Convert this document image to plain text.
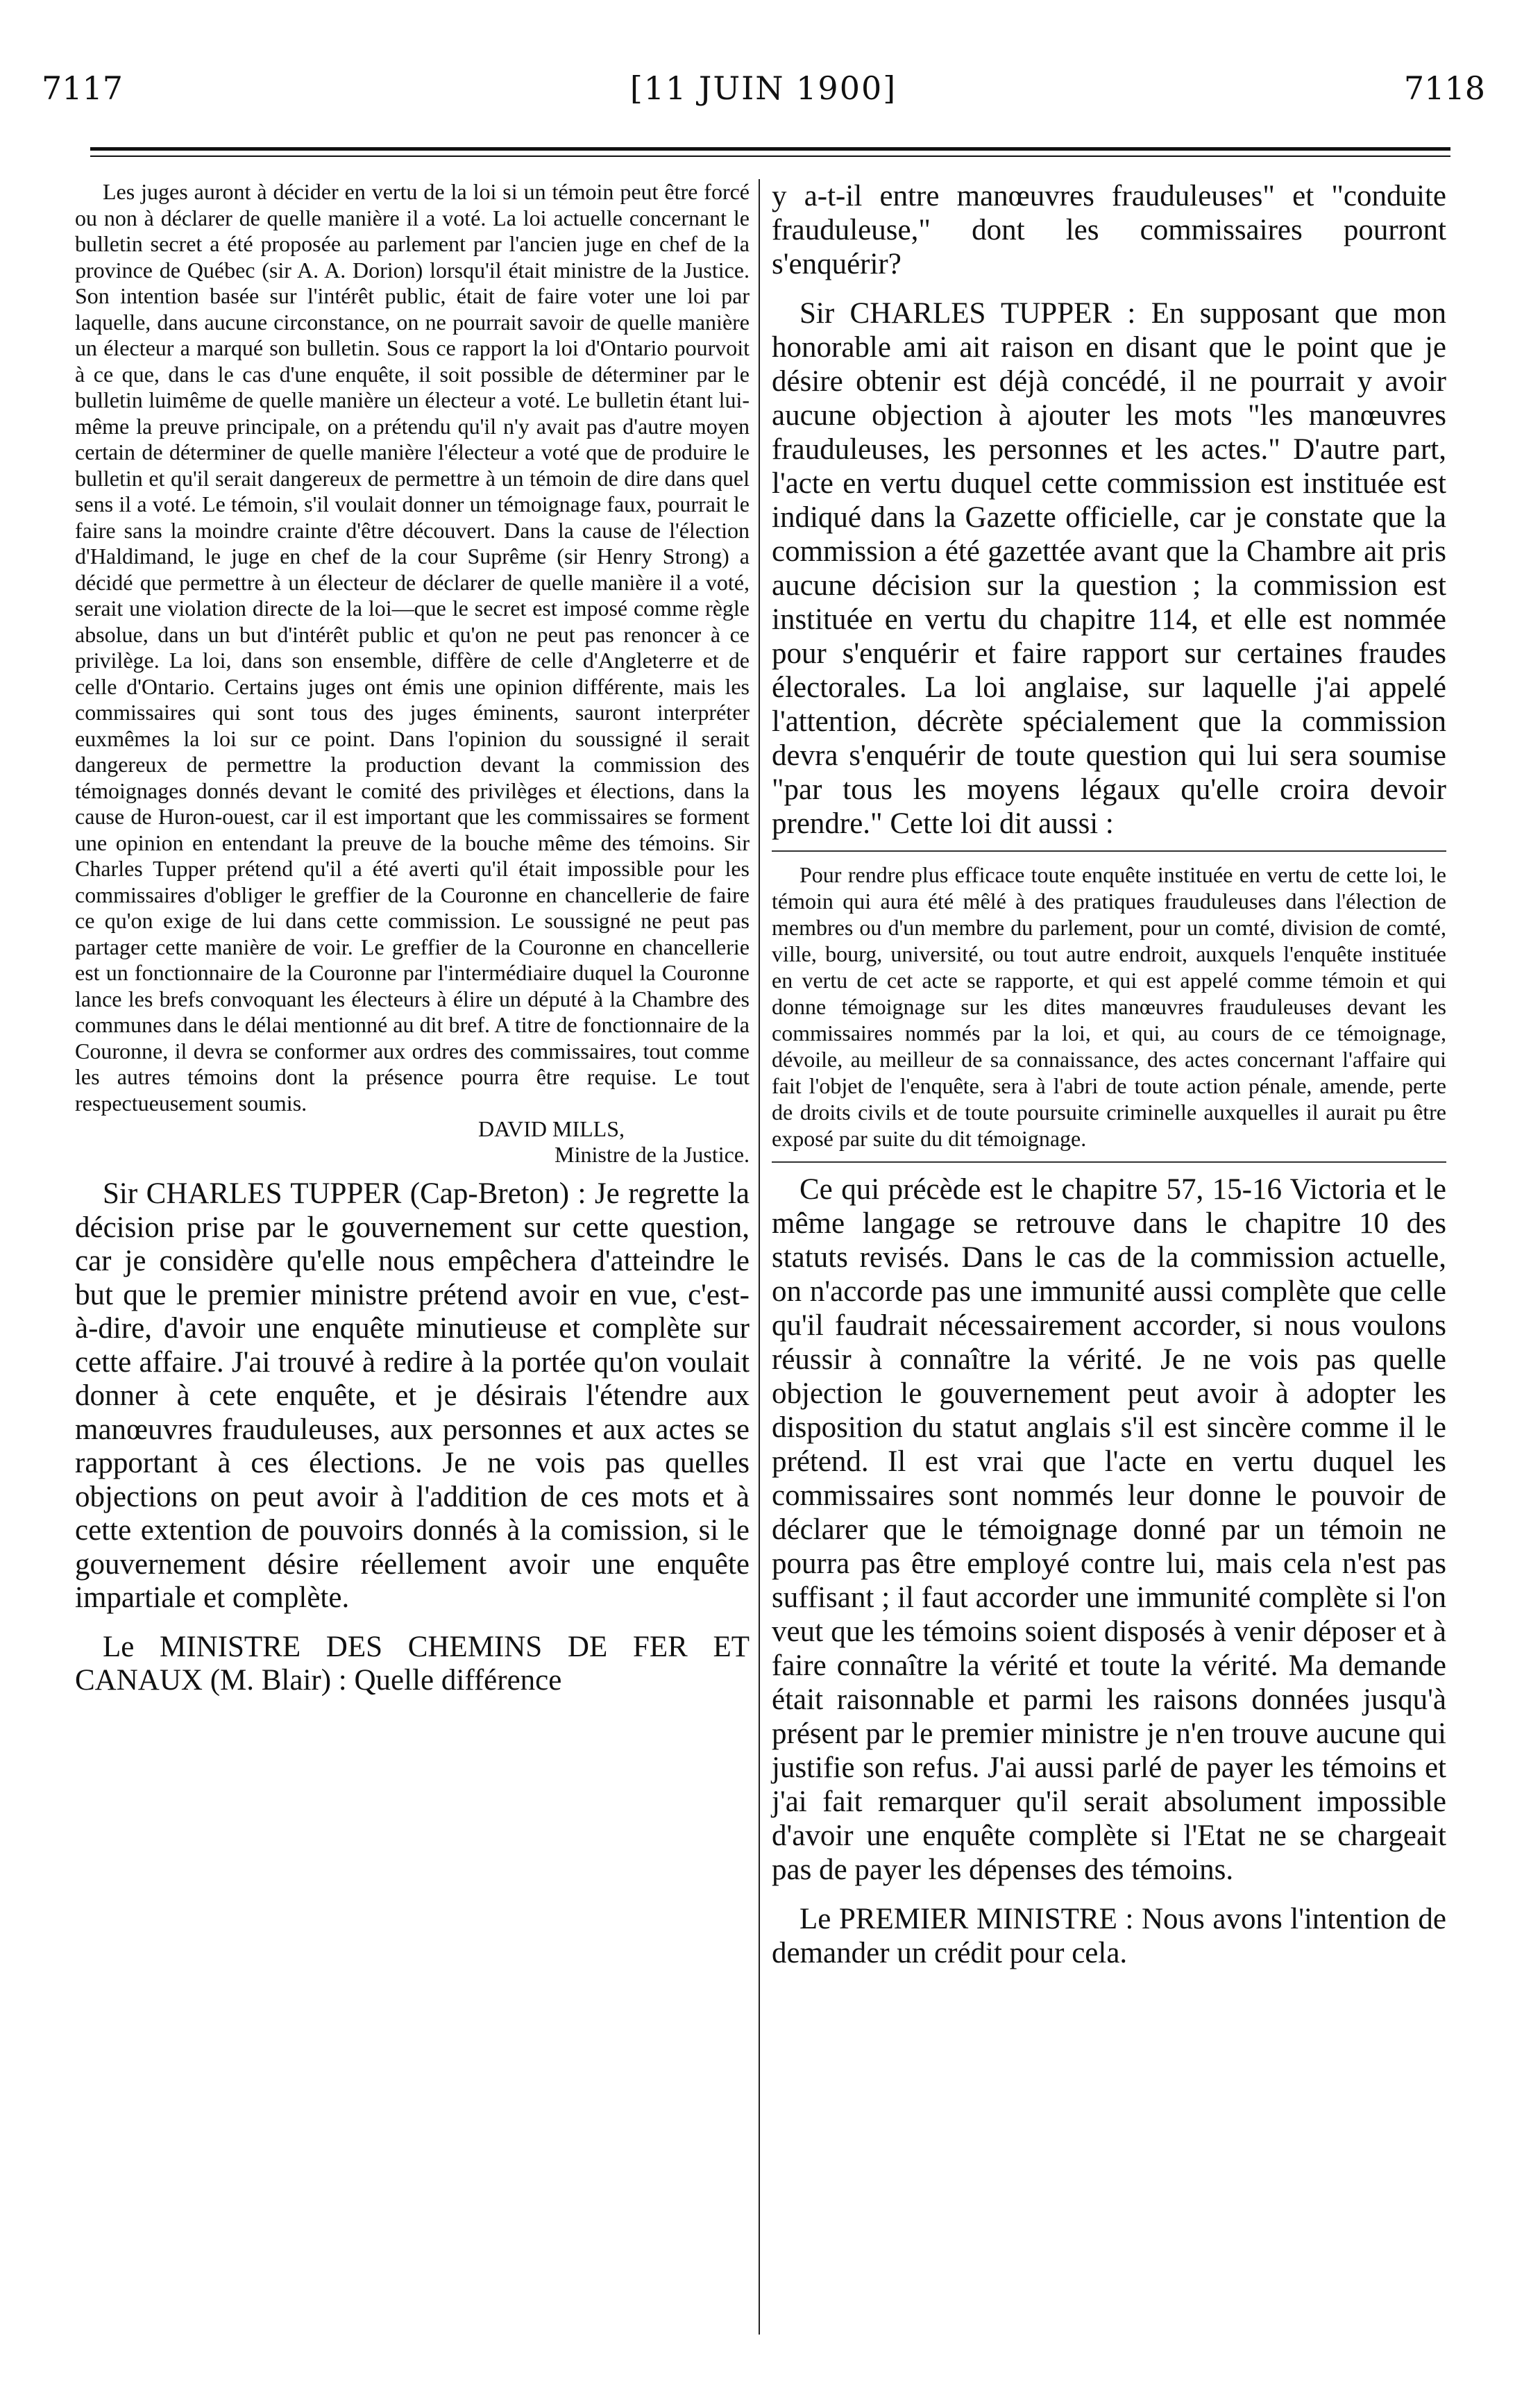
7117	[11 JUIN 1900]	7118

Les juges auront à décider en vertu de la loi si un témoin peut être forcé ou non à déclarer de quelle manière il a voté. La loi actuelle concernant le bulletin secret a été proposée au parlement par l'ancien juge en chef de la province de Québec (sir A. A. Dorion) lorsqu'il était ministre de la Justice. Son intention basée sur l'intérêt public, était de faire voter une loi par laquelle, dans aucune circonstance, on ne pourrait savoir de quelle manière un électeur a marqué son bulletin. Sous ce rapport la loi d'Ontario pourvoit à ce que, dans le cas d'une enquête, il soit possible de déterminer par le bulletin luimême de quelle manière un électeur a voté. Le bulletin étant lui-même la preuve principale, on a prétendu qu'il n'y avait pas d'autre moyen certain de déterminer de quelle manière l'électeur a voté que de produire le bulletin et qu'il serait dangereux de permettre à un témoin de dire dans quel sens il a voté. Le témoin, s'il voulait donner un témoignage faux, pourrait le faire sans la moindre crainte d'être découvert. Dans la cause de l'élection d'Haldimand, le juge en chef de la cour Suprême (sir Henry Strong) a décidé que permettre à un électeur de déclarer de quelle manière il a voté, serait une violation directe de la loi—que le secret est imposé comme règle absolue, dans un but d'intérêt public et qu'on ne peut pas renoncer à ce privilège. La loi, dans son ensemble, diffère de celle d'Angleterre et de celle d'Ontario. Certains juges ont émis une opinion différente, mais les commissaires qui sont tous des juges éminents, sauront interpréter euxmêmes la loi sur ce point. Dans l'opinion du soussigné il serait dangereux de permettre la production devant la commission des témoignages donnés devant le comité des privilèges et élections, dans la cause de Huron-ouest, car il est important que les commissaires se forment une opinion en entendant la preuve de la bouche même des témoins. Sir Charles Tupper prétend qu'il a été averti qu'il était impossible pour les commissaires d'obliger le greffier de la Couronne en chancellerie de faire ce qu'on exige de lui dans cette commission. Le soussigné ne peut pas partager cette manière de voir. Le greffier de la Couronne en chancellerie est un fonctionnaire de la Couronne par l'intermédiaire duquel la Couronne lance les brefs convoquant les électeurs à élire un député à la Chambre des communes dans le délai mentionné au dit bref. A titre de fonctionnaire de la Couronne, il devra se conformer aux ordres des commissaires, tout comme les autres témoins dont la présence pourra être requise. Le tout respectueusement soumis.

DAVID MILLS,

Ministre de la Justice.

Sir CHARLES TUPPER (Cap-Breton) : Je regrette la décision prise par le gouvernement sur cette question, car je considère qu'elle nous empêchera d'atteindre le but que le premier ministre prétend avoir en vue, c'est-à-dire, d'avoir une enquête minutieuse et complète sur cette affaire. J'ai trouvé à redire à la portée qu'on voulait donner à cete enquête, et je désirais l'étendre aux manœuvres frauduleuses, aux personnes et aux actes se rapportant à ces élections. Je ne vois pas quelles objections on peut avoir à l'addition de ces mots et à cette extention de pouvoirs donnés à la comission, si le gouvernement désire réellement avoir une enquête impartiale et complète.

Le MINISTRE DES CHEMINS DE FER ET CANAUX (M. Blair) : Quelle différence

y a-t-il entre manœuvres frauduleuses" et "conduite frauduleuse," dont les commissaires pourront s'enquérir?

Sir CHARLES TUPPER : En supposant que mon honorable ami ait raison en disant que le point que je désire obtenir est déjà concédé, il ne pourrait y avoir aucune objection à ajouter les mots "les manœuvres frauduleuses, les personnes et les actes." D'autre part, l'acte en vertu duquel cette commission est instituée est indiqué dans la Gazette officielle, car je constate que la commission a été gazettée avant que la Chambre ait pris aucune décision sur la question ; la commission est instituée en vertu du chapitre 114, et elle est nommée pour s'enquérir et faire rapport sur certaines fraudes électorales. La loi anglaise, sur laquelle j'ai appelé l'attention, décrète spécialement que la commission devra s'enquérir de toute question qui lui sera soumise "par tous les moyens légaux qu'elle croira devoir prendre." Cette loi dit aussi :

Pour rendre plus efficace toute enquête instituée en vertu de cette loi, le témoin qui aura été mêlé à des pratiques frauduleuses dans l'élection de membres ou d'un membre du parlement, pour un comté, division de comté, ville, bourg, université, ou tout autre endroit, auxquels l'enquête instituée en vertu de cet acte se rapporte, et qui est appelé comme témoin et qui donne témoignage sur les dites manœuvres frauduleuses devant les commissaires nommés par la loi, et qui, au cours de ce témoignage, dévoile, au meilleur de sa connaissance, des actes concernant l'affaire qui fait l'objet de l'enquête, sera à l'abri de toute action pénale, amende, perte de droits civils et de toute poursuite criminelle auxquelles il aurait pu être exposé par suite du dit témoignage.

Ce qui précède est le chapitre 57, 15-16 Victoria et le même langage se retrouve dans le chapitre 10 des statuts revisés. Dans le cas de la commission actuelle, on n'accorde pas une immunité aussi complète que celle qu'il faudrait nécessairement accorder, si nous voulons réussir à connaître la vérité. Je ne vois pas quelle objection le gouvernement peut avoir à adopter les disposition du statut anglais s'il est sincère comme il le prétend. Il est vrai que l'acte en vertu duquel les commissaires sont nommés leur donne le pouvoir de déclarer que le témoignage donné par un témoin ne pourra pas être employé contre lui, mais cela n'est pas suffisant ; il faut accorder une immunité complète si l'on veut que les témoins soient disposés à venir déposer et à faire connaître la vérité et toute la vérité. Ma demande était raisonnable et parmi les raisons données jusqu'à présent par le premier ministre je n'en trouve aucune qui justifie son refus. J'ai aussi parlé de payer les témoins et j'ai fait remarquer qu'il serait absolument impossible d'avoir une enquête complète si l'Etat ne se chargeait pas de payer les dépenses des témoins.

Le PREMIER MINISTRE : Nous avons l'intention de demander un crédit pour cela.
